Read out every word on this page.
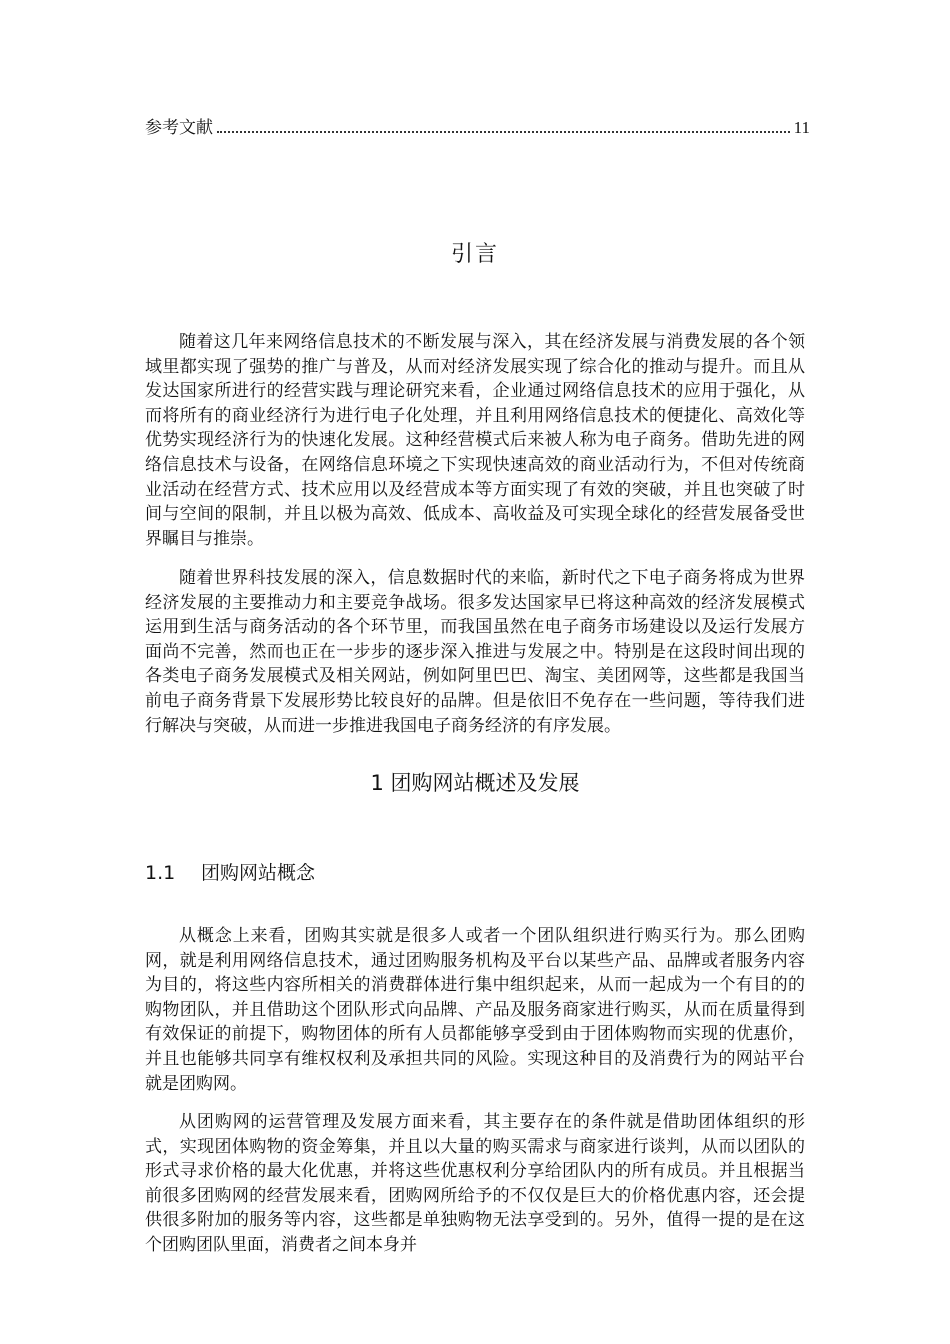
参考文献	11
引言

随着这几年来网络信息技术的不断发展与深入，其在经济发展与消费发展的各个领域里都实现了强势的推广与普及，从而对经济发展实现了综合化的推动与提升。而且从发达国家所进行的经营实践与理论研究来看，企业通过网络信息技术的应用于强化，从而将所有的商业经济行为进行电子化处理，并且利用网络信息技术的便捷化、高效化等优势实现经济行为的快速化发展。这种经营模式后来被人称为电子商务。借助先进的网络信息技术与设备，在网络信息环境之下实现快速高效的商业活动行为，不但对传统商业活动在经营方式、技术应用以及经营成本等方面实现了有效的突破，并且也突破了时间与空间的限制，并且以极为高效、低成本、高收益及可实现全球化的经营发展备受世界瞩目与推崇。

随着世界科技发展的深入，信息数据时代的来临，新时代之下电子商务将成为世界经济发展的主要推动力和主要竞争战场。很多发达国家早已将这种高效的经济发展模式运用到生活与商务活动的各个环节里，而我国虽然在电子商务市场建设以及运行发展方面尚不完善，然而也正在一步步的逐步深入推进与发展之中。特别是在这段时间出现的各类电子商务发展模式及相关网站，例如阿里巴巴、淘宝、美团网等，这些都是我国当前电子商务背景下发展形势比较良好的品牌。但是依旧不免存在一些问题，等待我们进行解决与突破，从而进一步推进我国电子商务经济的有序发展。

1 团购网站概述及发展
1.1 团购网站概念

从概念上来看，团购其实就是很多人或者一个团队组织进行购买行为。那么团购网，就是利用网络信息技术，通过团购服务机构及平台以某些产品、品牌或者服务内容为目的，将这些内容所相关的消费群体进行集中组织起来，从而一起成为一个有目的的购物团队，并且借助这个团队形式向品牌、产品及服务商家进行购买，从而在质量得到有效保证的前提下，购物团体的所有人员都能够享受到由于团体购物而实现的优惠价，并且也能够共同享有维权权利及承担共同的风险。实现这种目的及消费行为的网站平台就是团购网。

从团购网的运营管理及发展方面来看，其主要存在的条件就是借助团体组织的形式，实现团体购物的资金筹集，并且以大量的购买需求与商家进行谈判，从而以团队的形式寻求价格的最大化优惠，并将这些优惠权利分享给团队内的所有成员。并且根据当前很多团购网的经营发展来看，团购网所给予的不仅仅是巨大的价格优惠内容，还会提供很多附加的服务等内容，这些都是单独购物无法享受到的。另外，值得一提的是在这个团购团队里面，消费者之间本身并
